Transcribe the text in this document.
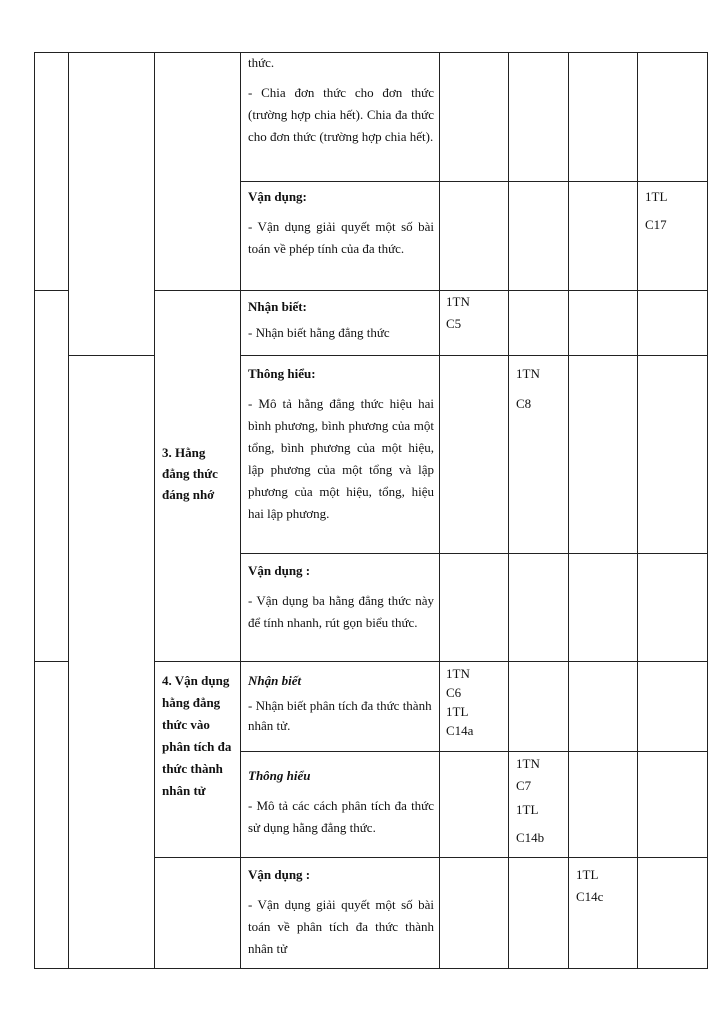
thức.

- Chia đơn thức cho đơn thức (trường hợp chia hết). Chia đa thức cho đơn thức (trường hợp chia hết).

Vận dụng:

- Vận dụng giải quyết một số bài toán về phép tính của đa thức.

1TL

C17

Nhận biết:

- Nhận biết hằng đẳng thức

1TN

C5

3. Hằng đẳng thức đáng nhớ

Thông hiểu:

- Mô tả hằng đẳng thức hiệu hai bình phương, bình phương của một tổng, bình phương của một hiệu, lập phương của một tổng và lập phương của một hiệu, tổng, hiệu hai lập phương.

1TN

C8

Vận dụng :

- Vận dụng ba hằng đẳng thức này để tính nhanh, rút gọn biểu thức.

4. Vận dụng hằng đẳng thức vào phân tích đa thức thành nhân tử

Nhận biết

- Nhận biết phân tích đa thức thành nhân tử.

1TN

C6

1TL

C14a

Thông hiểu

- Mô tả các cách phân tích đa thức sử dụng hằng đẳng thức.

1TN

C7

1TL

C14b

Vận dụng :

- Vận dụng giải quyết một số bài toán về phân tích đa thức thành nhân tử

1TL

C14c
